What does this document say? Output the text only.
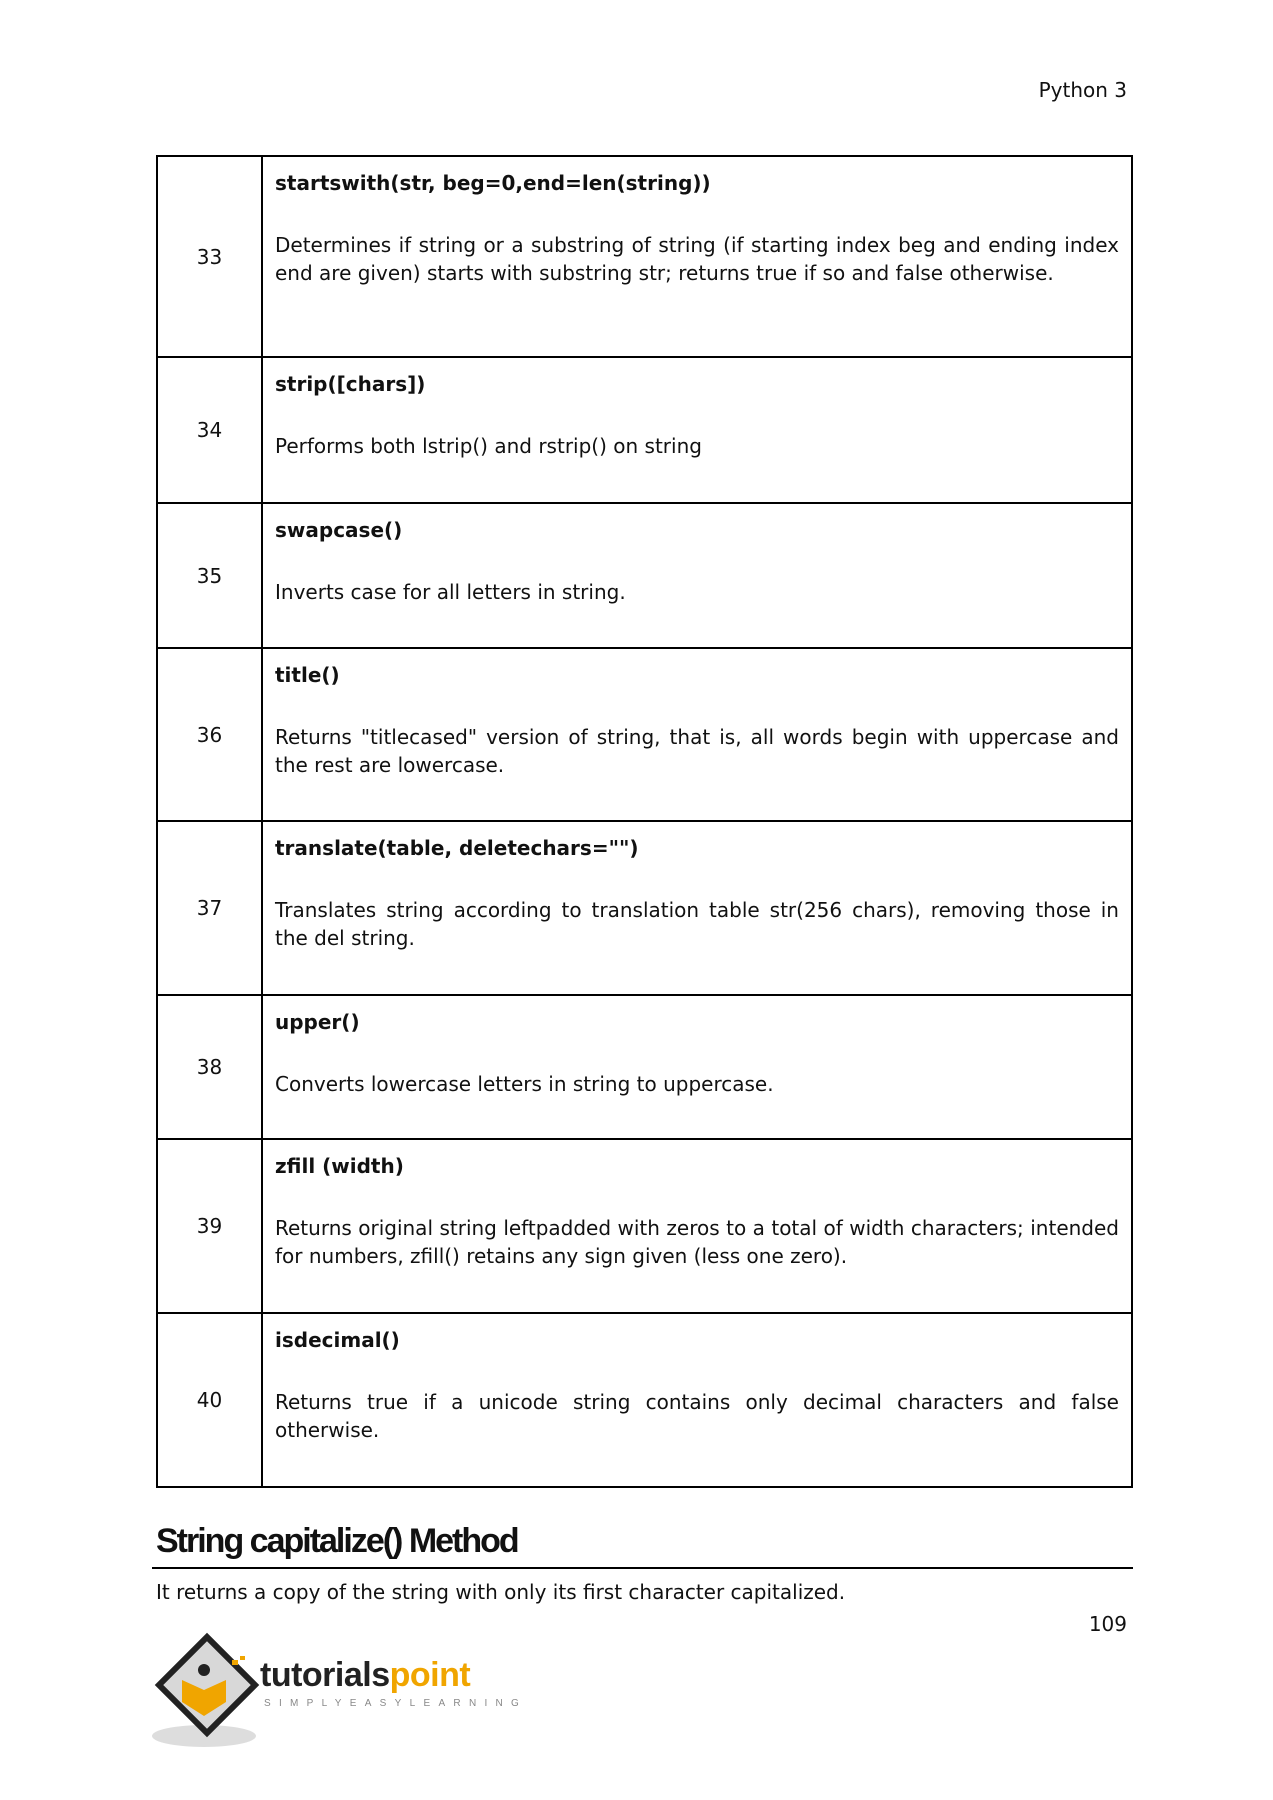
Python 3
33	startswith(str, beg=0,end=len(string))
Determines if string or a substring of string (if starting index beg and ending index end are given) starts with substring str; returns true if so and false otherwise.

34	strip([chars])
Performs both lstrip() and rstrip() on string

35	swapcase()
Inverts case for all letters in string.

36	title()
Returns "titlecased" version of string, that is, all words begin with uppercase and the rest are lowercase.

37	translate(table, deletechars="")
Translates string according to translation table str(256 chars), removing those in the del string.

38	upper()
Converts lowercase letters in string to uppercase.

39	zfill (width)
Returns original string leftpadded with zeros to a total of width characters; intended for numbers, zfill() retains any sign given (less one zero).

40	isdecimal()
Returns true if a unicode string contains only decimal characters and false otherwise.
String capitalize() Method
It returns a copy of the string with only its first character capitalized.
109
tutorialspoint
SIMPLYEASYLEARNING
